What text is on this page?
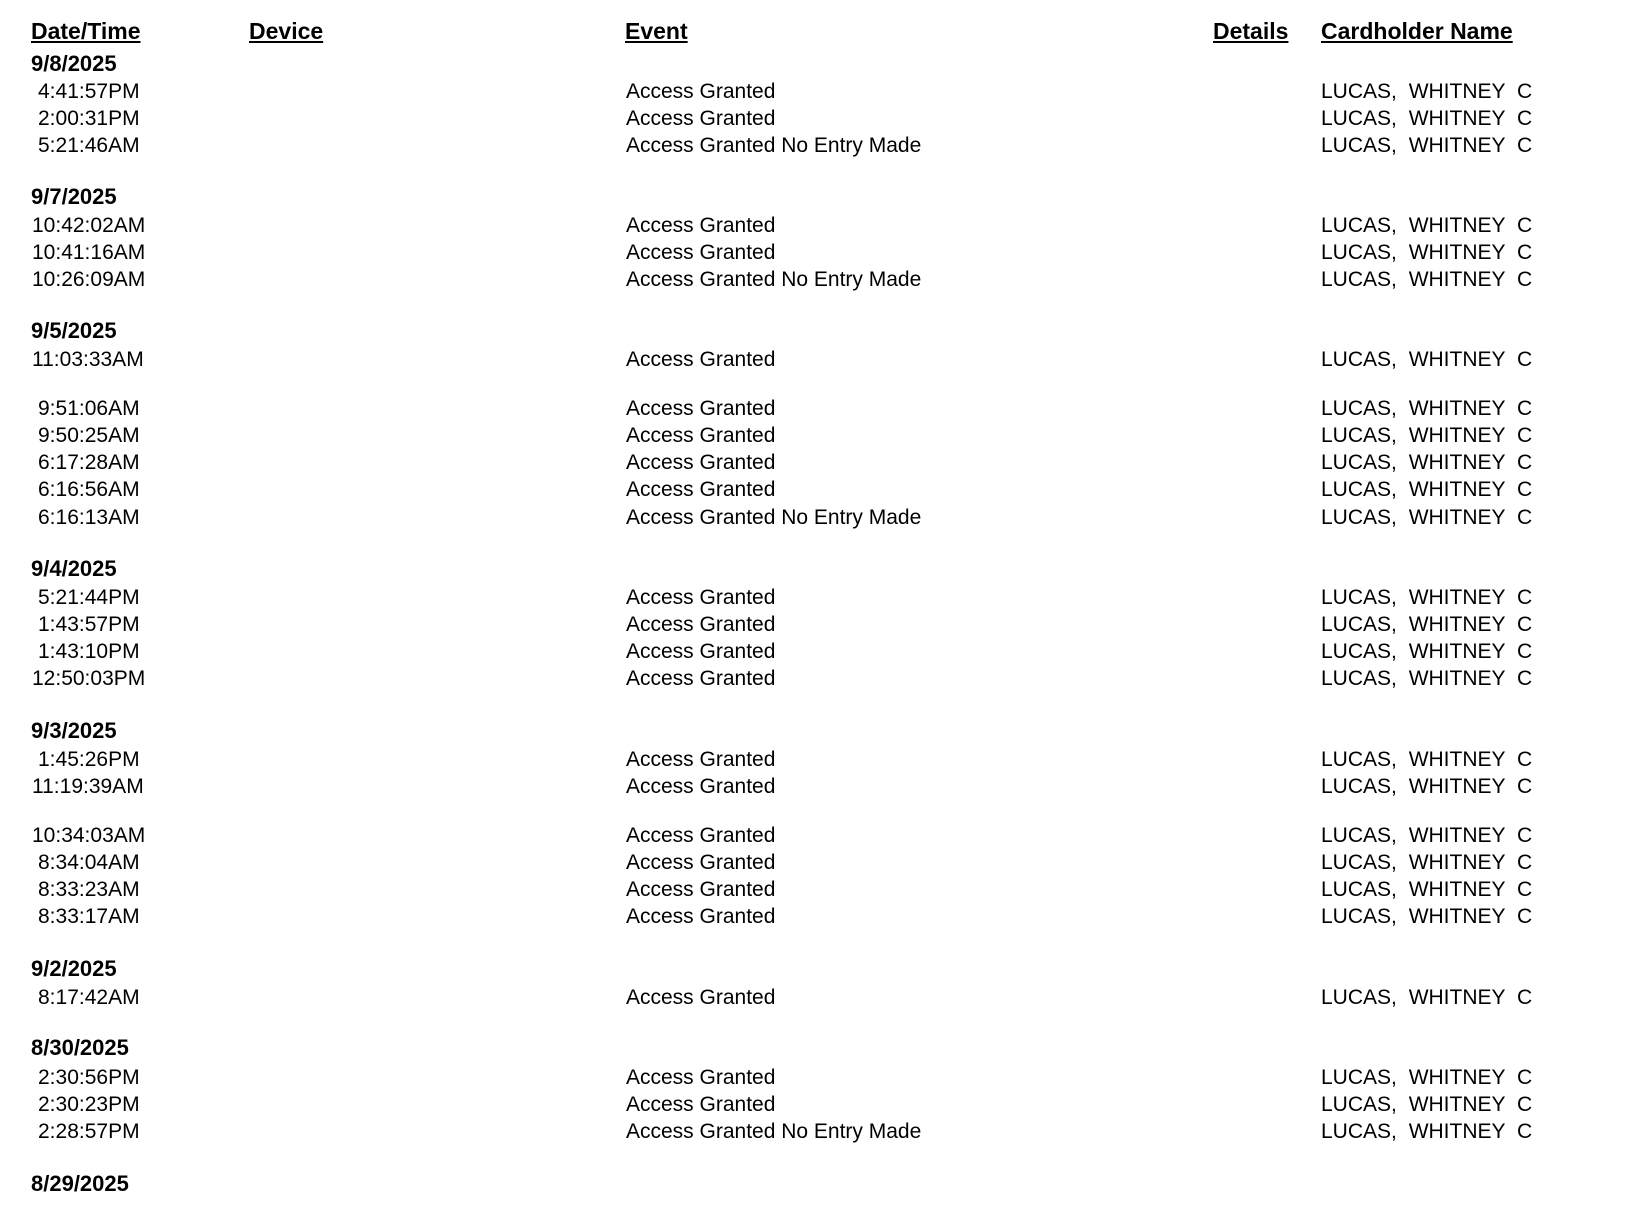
Date/Time	Device	Event	Details Cardholder Name
9/8/2025
4:41:57PM	Access Granted	LUCAS, WHITNEY C
2:00:31PM	Access Granted	LUCAS, WHITNEY C
5:21:46AM	Access Granted No Entry Made	LUCAS, WHITNEY C
9/7/2025
10:42:02AM	Access Granted	LUCAS, WHITNEY C
10:41:16AM	Access Granted	LUCAS, WHITNEY C
10:26:09AM	Access Granted No Entry Made	LUCAS, WHITNEY C
9/5/2025
11:03:33AM	Access Granted	LUCAS, WHITNEY C
9:51:06AM	Access Granted	LUCAS, WHITNEY C
9:50:25AM	Access Granted	LUCAS, WHITNEY C
6:17:28AM	Access Granted	LUCAS, WHITNEY C
6:16:56AM	Access Granted	LUCAS, WHITNEY C
6:16:13AM	Access Granted No Entry Made	LUCAS, WHITNEY C
9/4/2025
5:21:44PM	Access Granted	LUCAS, WHITNEY C
1:43:57PM	Access Granted	LUCAS, WHITNEY C
1:43:10PM	Access Granted	LUCAS, WHITNEY C
12:50:03PM	Access Granted	LUCAS, WHITNEY C
9/3/2025
1:45:26PM	Access Granted	LUCAS, WHITNEY C
11:19:39AM	Access Granted	LUCAS, WHITNEY C
10:34:03AM	Access Granted	LUCAS, WHITNEY C
8:34:04AM	Access Granted	LUCAS, WHITNEY C
8:33:23AM	Access Granted	LUCAS, WHITNEY C
8:33:17AM	Access Granted	LUCAS, WHITNEY C
9/2/2025
8:17:42AM	Access Granted	LUCAS, WHITNEY C
8/30/2025
2:30:56PM	Access Granted	LUCAS, WHITNEY C
2:30:23PM	Access Granted	LUCAS, WHITNEY C
2:28:57PM	Access Granted No Entry Made	LUCAS, WHITNEY C
8/29/2025
